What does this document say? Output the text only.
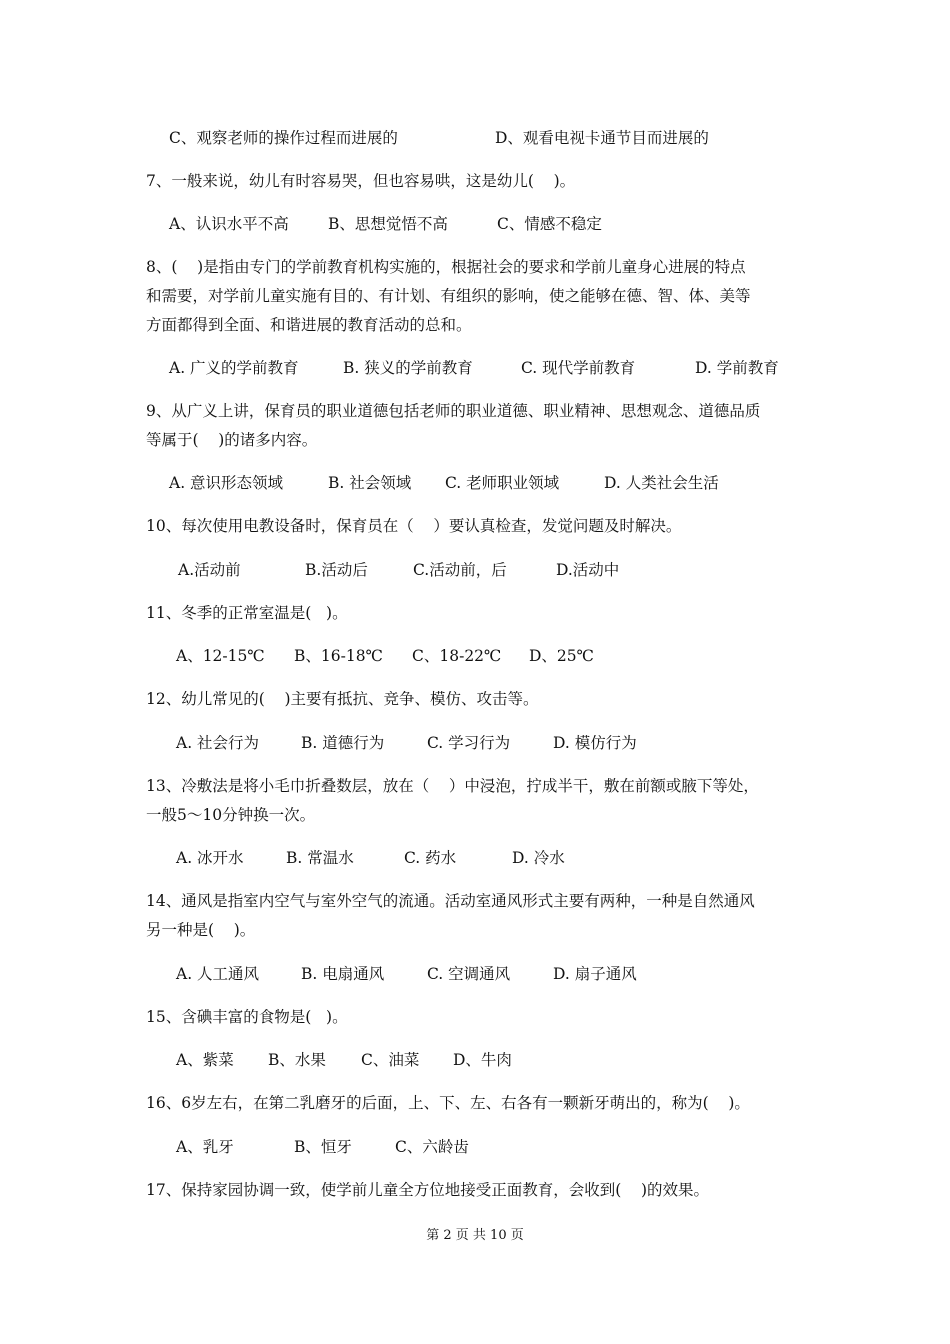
C、观察老师的操作过程而进展的	D、观看电视卡通节目而进展的
7、一般来说，幼儿有时容易哭，但也容易哄，这是幼儿(    )。
A、认识水平不高	B、思想觉悟不高	C、情感不稳定
8、(    )是指由专门的学前教育机构实施的，根据社会的要求和学前儿童身心进展的特点
和需要，对学前儿童实施有目的、有计划、有组织的影响，使之能够在德、智、体、美等
方面都得到全面、和谐进展的教育活动的总和。
A. 广义的学前教育	B. 狭义的学前教育	C. 现代学前教育	D. 学前教育
9、从广义上讲，保育员的职业道德包括老师的职业道德、职业精神、思想观念、道德品质
等属于(    )的诸多内容。
A. 意识形态领域	B. 社会领域 C. 老师职业领域	D. 人类社会生活
10、每次使用电教设备时，保育员在（    ）要认真检查，发觉问题及时解决。
A.活动前	B.活动后	C.活动前，后	D.活动中
11、冬季的正常室温是(   )。
A、12-15℃ B、16-18℃ C、18-22℃ D、25℃
12、幼儿常见的(    )主要有抵抗、竞争、模仿、攻击等。
A. 社会行为	B. 道德行为	C. 学习行为	D. 模仿行为
13、冷敷法是将小毛巾折叠数层，放在（    ）中浸泡，拧成半干，敷在前额或腋下等处，
一般5～10分钟换一次。
A. 冰开水	B. 常温水	C. 药水	D. 冷水
14、通风是指室内空气与室外空气的流通。活动室通风形式主要有两种，一种是自然通风
另一种是(    )。
A. 人工通风	B. 电扇通风	C. 空调通风	D. 扇子通风
15、含碘丰富的食物是(   )。
A、紫菜 B、水果 C、油菜 D、牛肉
16、6岁左右，在第二乳磨牙的后面，上、下、左、右各有一颗新牙萌出的，称为(    )。
A、乳牙	B、恒牙	C、六龄齿
17、保持家园协调一致，使学前儿童全方位地接受正面教育，会收到(    )的效果。
第 2 页 共 10 页
